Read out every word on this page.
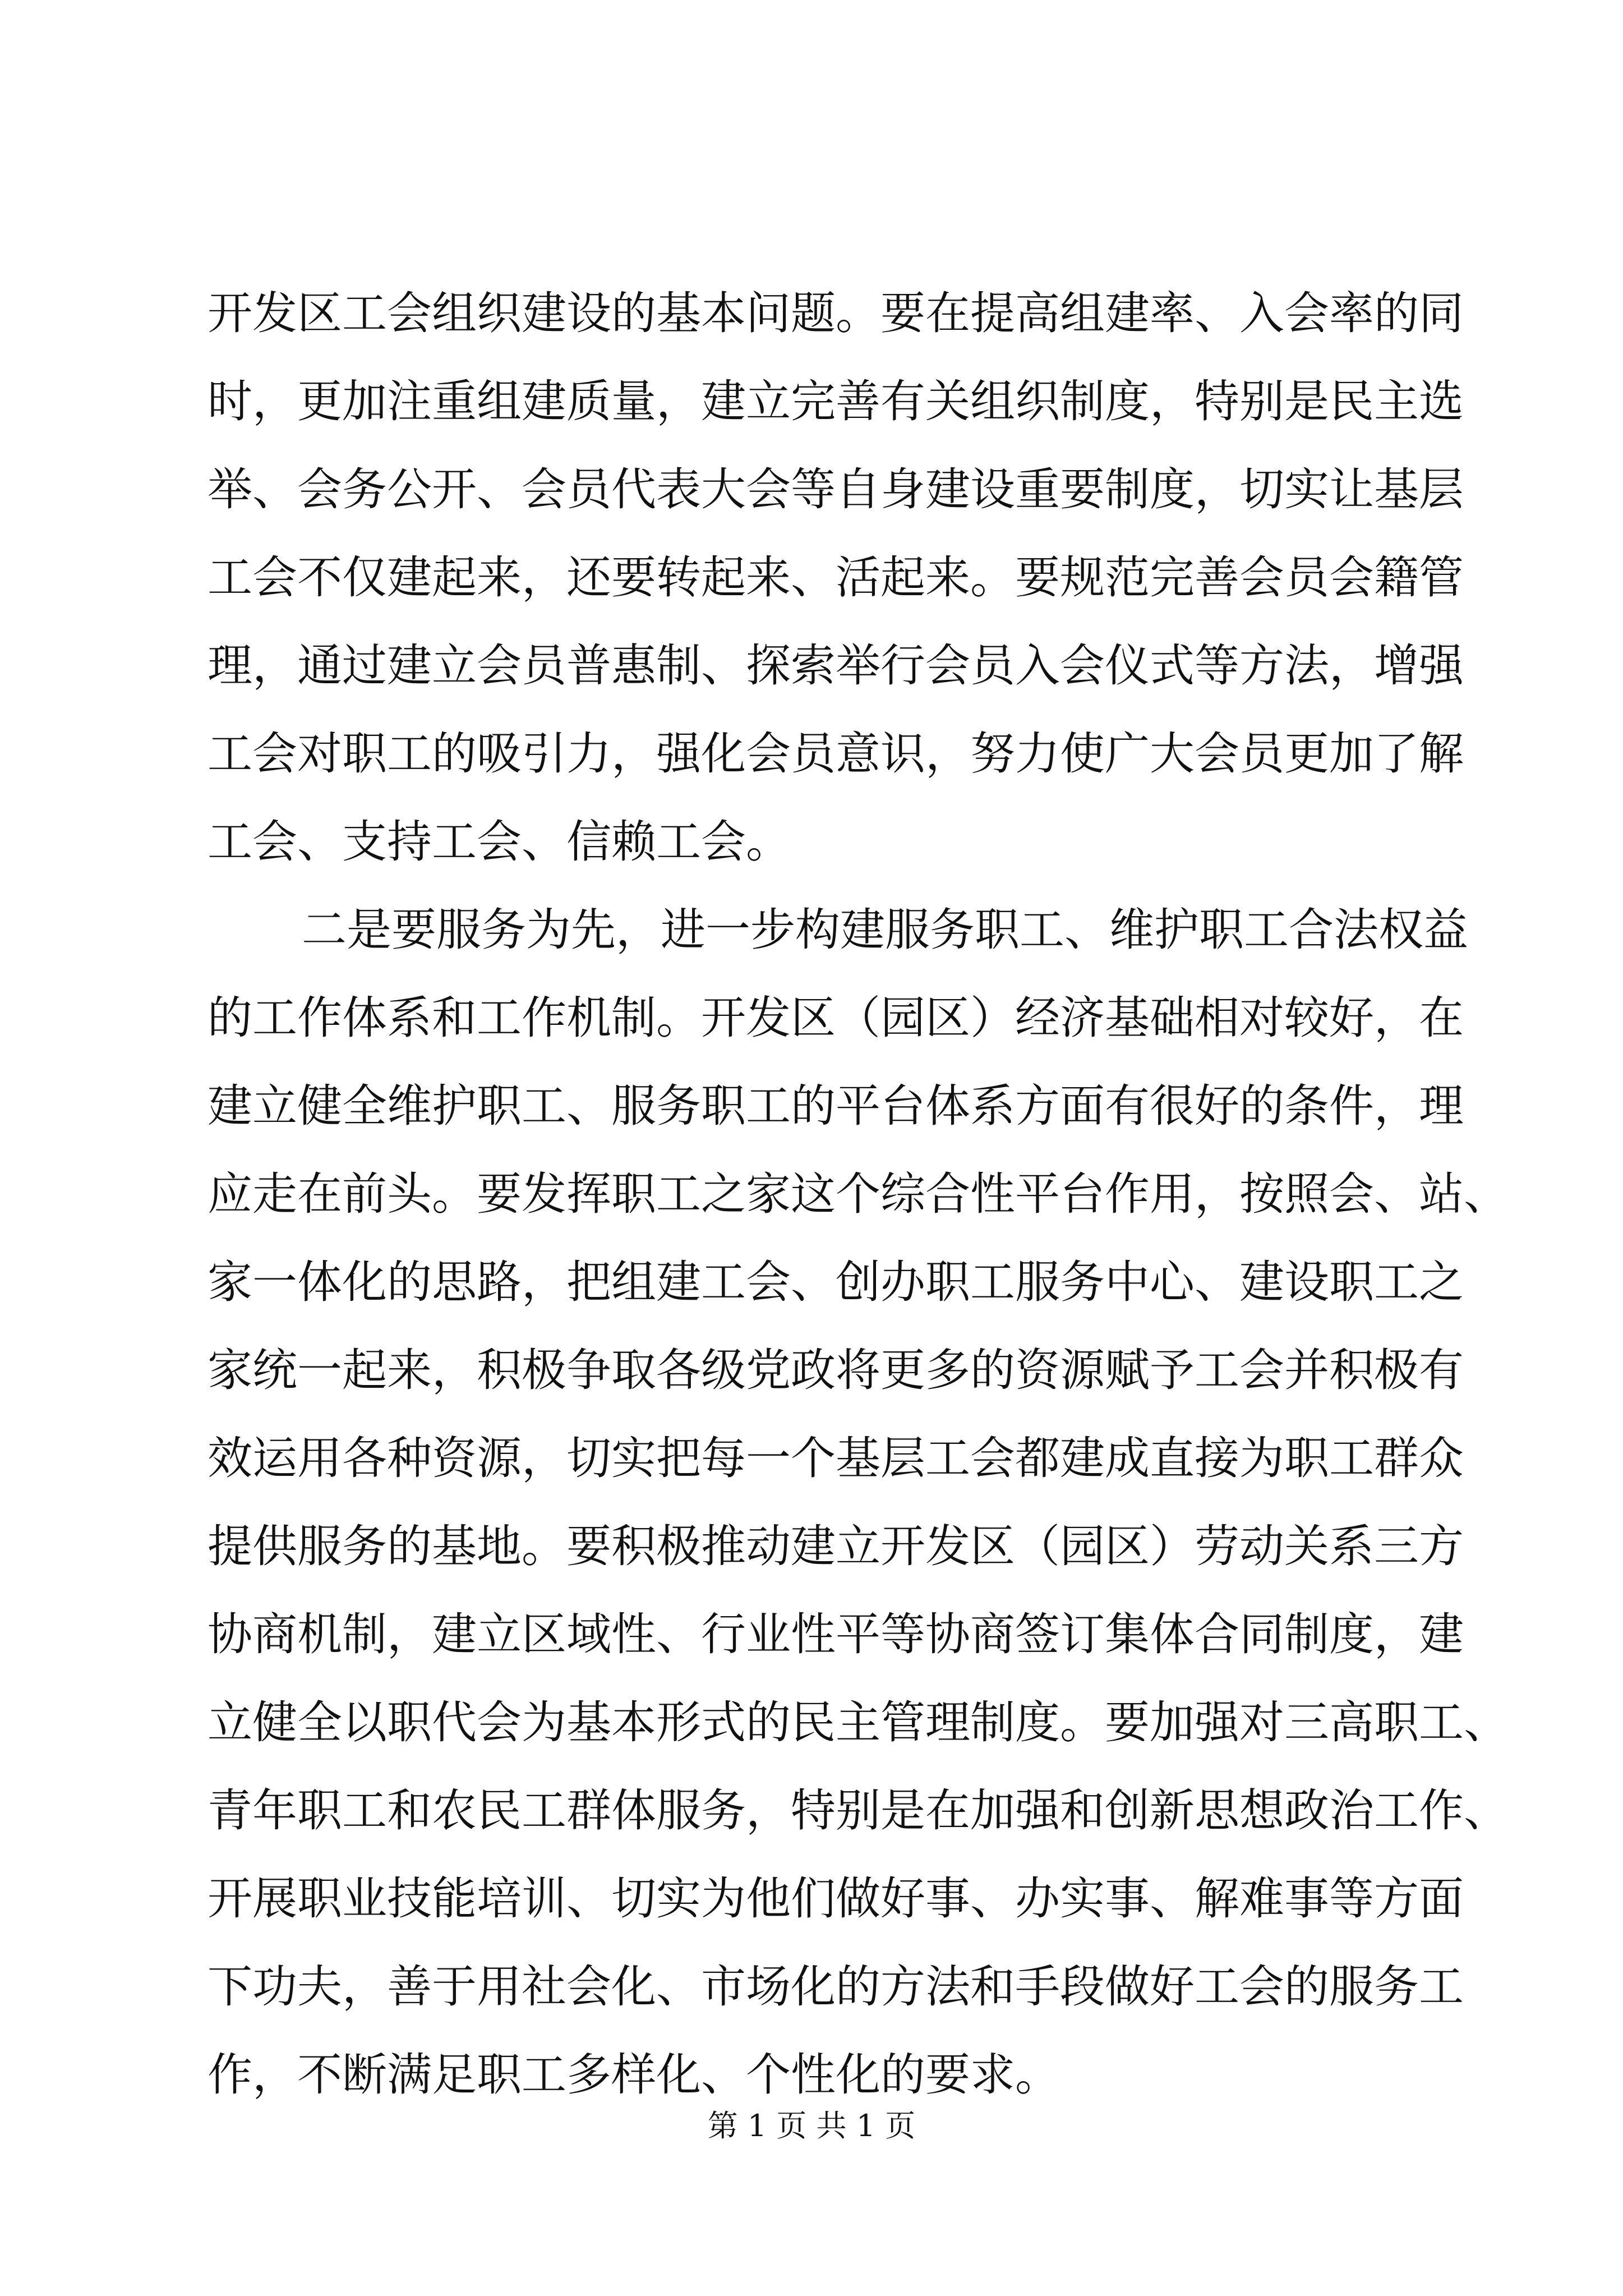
开发区工会组织建设的基本问题。要在提高组建率、入会率的同
时，更加注重组建质量，建立完善有关组织制度，特别是民主选
举、会务公开、会员代表大会等自身建设重要制度，切实让基层
工会不仅建起来，还要转起来、活起来。要规范完善会员会籍管
理，通过建立会员普惠制、探索举行会员入会仪式等方法，增强
工会对职工的吸引力，强化会员意识，努力使广大会员更加了解
工会、支持工会、信赖工会。
二是要服务为先，进一步构建服务职工、维护职工合法权益
的工作体系和工作机制。开发区（园区）经济基础相对较好，在
建立健全维护职工、服务职工的平台体系方面有很好的条件，理
应走在前头。要发挥职工之家这个综合性平台作用，按照会、站、
家一体化的思路，把组建工会、创办职工服务中心、建设职工之
家统一起来，积极争取各级党政将更多的资源赋予工会并积极有
效运用各种资源，切实把每一个基层工会都建成直接为职工群众
提供服务的基地。要积极推动建立开发区（园区）劳动关系三方
协商机制，建立区域性、行业性平等协商签订集体合同制度，建
立健全以职代会为基本形式的民主管理制度。要加强对三高职工、
青年职工和农民工群体服务，特别是在加强和创新思想政治工作、
开展职业技能培训、切实为他们做好事、办实事、解难事等方面
下功夫，善于用社会化、市场化的方法和手段做好工会的服务工
作，不断满足职工多样化、个性化的要求。
第 1 页 共 1 页
